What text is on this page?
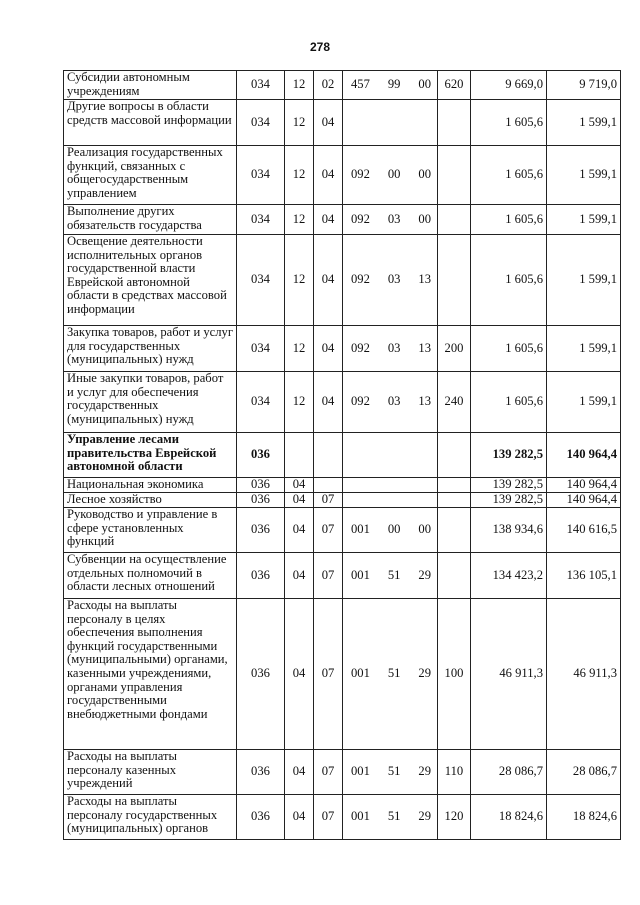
278
Субсидии автономным учреждениям	034	12	02	457 99 00	620	9 669,0	9 719,0
Другие вопросы в области средств массовой информации	034	12	04			1 605,6	1 599,1
Реализация государственных функций, связанных с общегосударственным управлением	034	12	04	092 00 00		1 605,6	1 599,1
Выполнение других обязательств государства	034	12	04	092 03 00		1 605,6	1 599,1
Освещение деятельности исполнительных органов государственной власти Еврейской автономной области в средствах массовой информации	034	12	04	092 03 13		1 605,6	1 599,1
Закупка товаров, работ и услуг для государственных (муниципальных) нужд	034	12	04	092 03 13	200	1 605,6	1 599,1
Иные закупки товаров, работ и услуг для обеспечения государственных (муниципальных) нужд	034	12	04	092 03 13	240	1 605,6	1 599,1
Управление лесами правительства Еврейской автономной области	036					139 282,5	140 964,4
Национальная экономика	036	04				139 282,5	140 964,4
Лесное хозяйство	036	04	07			139 282,5	140 964,4
Руководство и управление в сфере установленных функций	036	04	07	001 00 00		138 934,6	140 616,5
Субвенции на осуществление отдельных полномочий в области лесных отношений	036	04	07	001 51 29		134 423,2	136 105,1
Расходы на выплаты персоналу в целях обеспечения выполнения функций государственными (муниципальными) органами, казенными учреждениями, органами управления государственными внебюджетными фондами	036	04	07	001 51 29	100	46 911,3	46 911,3
Расходы на выплаты персоналу казенных учреждений	036	04	07	001 51 29	110	28 086,7	28 086,7
Расходы на выплаты персоналу государственных (муниципальных) органов	036	04	07	001 51 29	120	18 824,6	18 824,6
